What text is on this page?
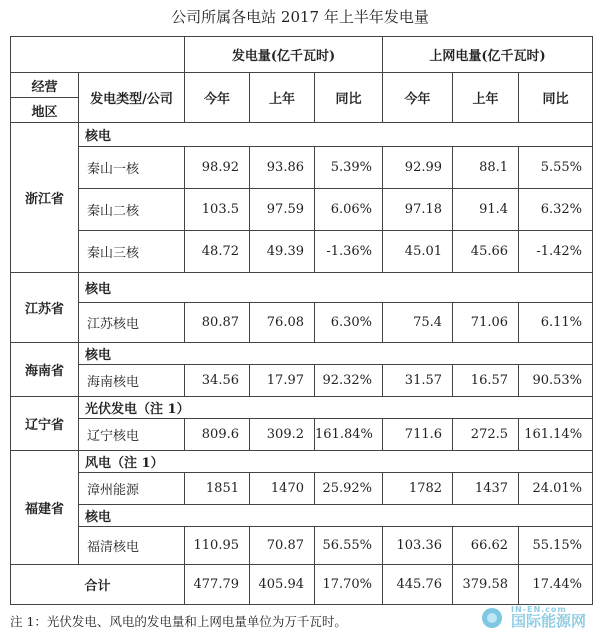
公司所属各电站 2017 年上半年发电量
		发电量(亿千瓦时)			上网电量(亿千瓦时)		
经营	发电类型/公司	今年	上年	同比	今年	上年	同比
地区							
浙江省	核电						
	秦山一核	98.92	93.86	5.39%	92.99	88.1	5.55%
	秦山二核	103.5	97.59	6.06%	97.18	91.4	6.32%
	秦山三核	48.72	49.39	-1.36%	45.01	45.66	-1.42%
江苏省	核电						
	江苏核电	80.87	76.08	6.30%	75.4	71.06	6.11%
海南省	核电						
	海南核电	34.56	17.97	92.32%	31.57	16.57	90.53%
辽宁省	光伏发电（注 1）						
	辽宁核电	809.6	309.2	161.84%	711.6	272.5	161.14%
福建省	风电（注 1）						
	漳州能源	1851	1470	25.92%	1782	1437	24.01%
	核电						
	福清核电	110.95	70.87	56.55%	103.36	66.62	55.15%
合计		477.79	405.94	17.70%	445.76	379.58	17.44%
注 1：光伏发电、风电的发电量和上网电量单位为万千瓦时。

IN-EN.com
国际能源网
